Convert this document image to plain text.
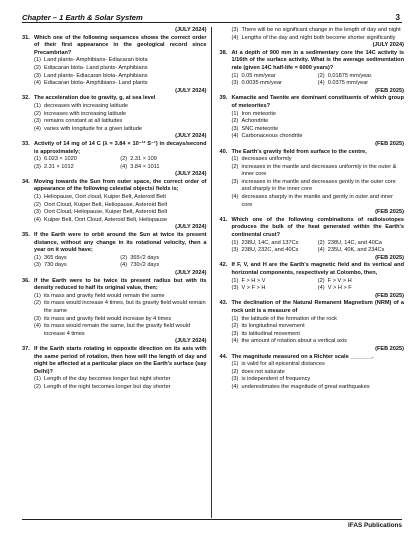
Chapter – 1 Earth & Solar System	3
(JULY 2024)
31. Which one of the following sequences shows the correct order of their first appearance in the geological record since Precambrian?
(1) Land plants- Amphibians- Ediacaran biota
(2) Ediacaran biota- Land plants- Amphibians
(3) Land plants- Ediacaran biota- Amphibians
(4) Ediacaran biota- Amphibians- Land plants
(JULY 2024)
32. The acceleration due to gravity, g, at sea level
(1) decreases with increasing latitude
(2) increases with increasing latitude
(3) remains constant at all latitudes
(4) varies with longitude for a given latitude
(JULY 2024)
33. Activity of 14 mg of 14 C (λ = 3.84 × 10⁻¹² S⁻¹) in decays/second is approximately;
(1) 6.023 × 1020	(2) 2.31 × 109
(3) 2.31 × 1012	(4) 3.84 × 1011
(JULY 2024)
34. Moving towards the Sun from outer space, the correct order of appearance of the following celestial objects/ fields is;
(1) Heliopause, Oort cloud, Kuiper Belt, Asteroid Belt
(2) Oort Cloud, Kuiper Belt, Heliopause, Asteroid Belt
(3) Oort Cloud, Heliopause, Kuiper Belt, Asteroid Belt
(4) Kuiper Belt, Oort Cloud, Asteroid Belt, Heliopause
(JULY 2024)
35. If the Earth were to orbit around the Sun at twice its present distance, without any change in its rotational velocity, then a year on it would have;
(1) 365 days	(2) 365√2 days
(3) 730 days	(4) 730√2 days
(JULY 2024)
36. If the Earth were to be twice its present radius but with its density reduced to half its original value, then;
(1) its mass and gravity field would remain the same
(2) its mass would increase 4 times, but its gravity field would remain the same
(3) its mass and gravity field would increase by 4 times
(4) its mass would remain the same, but the gravity field would increase 4 times
(JULY 2024)
37. If the Earth starts rotating in opposite direction on its axis with the same period of rotation, then how will the length of day and night be affected at a particular place on the Earth's surface (say Delhi)?
(1) Length of the day becomes longer but night shorter
(2) Length of the night becomes longer but day shorter
(3) There will be no significant change in the length of day and night
(4) Lengths of the day and night both become shorter significantly
(JULY 2024)
38. At a depth of 900 mm in a sedimentary core the 14C activity is 1/16th of the surface activity. What is the average sedimentation rate (given 14C half-life = 6000 years)?
(1) 0.05 mm/year	(2) 0.01875 mm/year.
(3) 0.0035 mm/year	(4) 0.0375 mm/year
(FEB 2025)
39. Kamacite and Taenite are dominant constituents of which group of meteorites?
(1) Iron meteorite
(2) Achondrite
(3) SNC meteorite
(4) Carbonaceous chondrite
(FEB 2025)
40. The Earth's gravity field from surface to the centre,
(1) decreases uniformly
(2) increases in the mantle and decreases uniformly in the outer & inner core
(3) increases in the mantle and decreases gently in the outer core and sharply in the inner core
(4) decreases sharply in the mantle and gently in outer and inner core
(FEB 2025)
41. Which one of the following combinations of radioisotopes produces the bulk of the heat generated within the Earth's continental crust?
(1) 238U, 14C, and 137Cs	(2) 238U, 14C, and 40Ca
(3) 238U, 232C, and 40Cs	(4) 235U, 40K, and 234Cs
(FEB 2025)
42. If F, V, and H are the Earth's magnetic field and its vertical and horizontal components, respectively at Colombo, then,
(1) F > H > V	(2) F > V > H
(3) V > F > H	(4) V > H > F
(FEB 2025)
43. The declination of the Natural Remanent Magnetism (NRM) of a rock unit is a measure of
(1) the latitude of the formation of the rock
(2) its longitudinal movement
(3) its latitudinal movement
(4) the amount of rotation about a vertical axis
(FEB 2025)
44. The magnitude measured on a Richter scale _______.
(1) is valid for all epicentral distances
(2) does not saturate
(3) is independent of frequency
(4) underestimates the magnitude of great earthquakes
IFAS Publications
